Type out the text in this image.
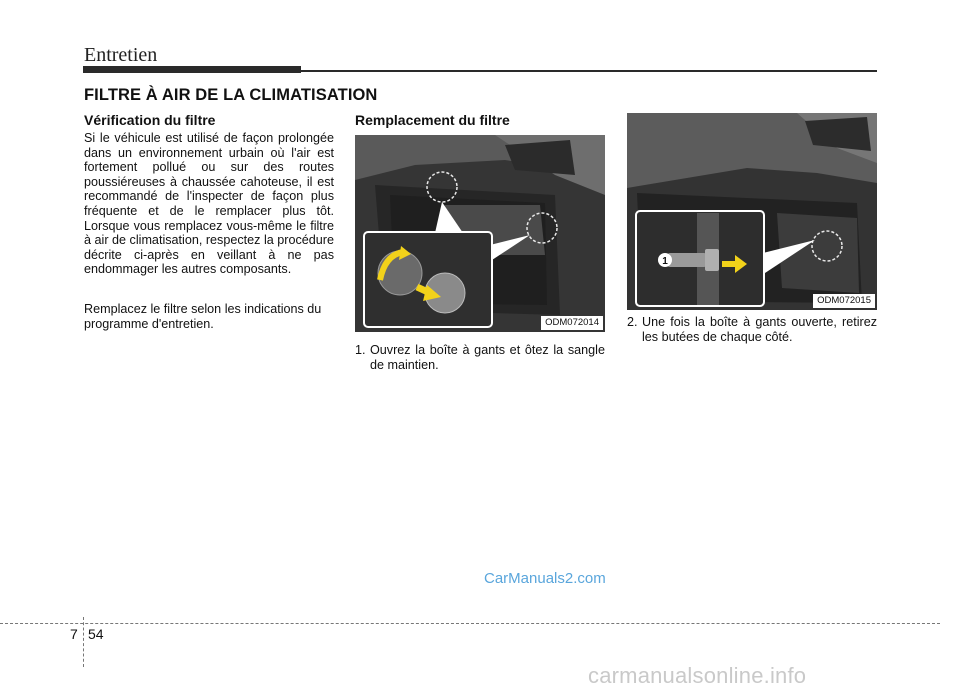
Entretien
FILTRE À AIR DE LA CLIMATISATION
Vérification du filtre

Si le véhicule est utilisé de façon prolongée dans un environnement urbain où l'air est fortement pollué ou sur des routes poussiéreuses à chaussée cahoteuse, il est recommandé de l'inspecter de façon plus fréquente et de le remplacer plus tôt. Lorsque vous remplacez vous-même le filtre à air de climatisation, respectez la procédure décrite ci-après en veillant à ne pas endommager les autres composants.

Remplacez le filtre selon les indications du programme d'entretien.

Remplacement du filtre
ODM072014
1. Ouvrez la boîte à gants et ôtez la sangle de maintien.
1
ODM072015
2. Une fois la boîte à gants ouverte, retirez les butées de chaque côté.
CarManuals2.com
7 54
carmanualsonline.info
